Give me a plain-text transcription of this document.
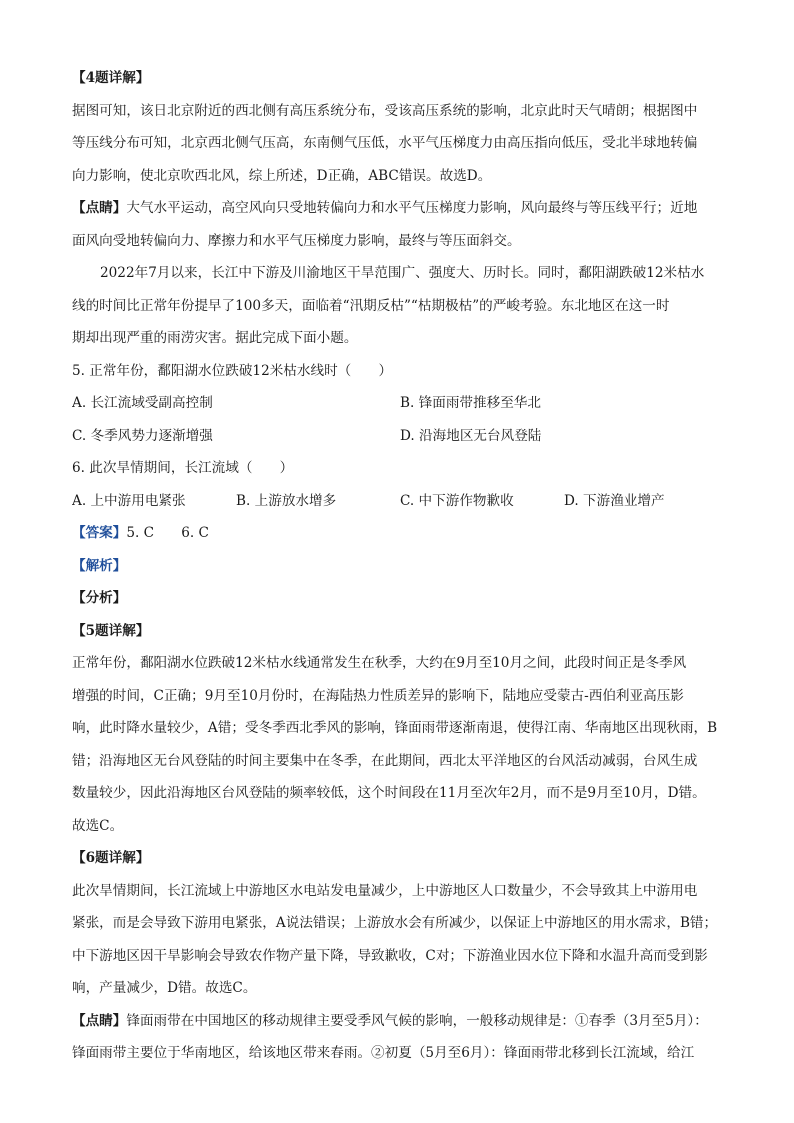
【4题详解】
据图可知，该日北京附近的西北侧有高压系统分布，受该高压系统的影响，北京此时天气晴朗；根据图中
等压线分布可知，北京西北侧气压高，东南侧气压低，水平气压梯度力由高压指向低压，受北半球地转偏
向力影响，使北京吹西北风，综上所述，D正确，ABC错误。故选D。
【点睛】大气水平运动，高空风向只受地转偏向力和水平气压梯度力影响，风向最终与等压线平行；近地
面风向受地转偏向力、摩擦力和水平气压梯度力影响，最终与等压面斜交。
2022年7月以来，长江中下游及川渝地区干旱范围广、强度大、历时长。同时，鄱阳湖跌破12米枯水
线的时间比正常年份提早了100多天，面临着“汛期反枯”“枯期极枯”的严峻考验。东北地区在这一时
期却出现严重的雨涝灾害。据此完成下面小题。
5. 正常年份，鄱阳湖水位跌破12米枯水线时（　　）
A. 长江流域受副高控制	B. 锋面雨带推移至华北
C. 冬季风势力逐渐增强	D. 沿海地区无台风登陆
6. 此次旱情期间，长江流域（　　）
A. 上中游用电紧张	B. 上游放水增多	C. 中下游作物歉收	D. 下游渔业增产
【答案】5. C　　6. C
【解析】
【分析】
【5题详解】
正常年份，鄱阳湖水位跌破12米枯水线通常发生在秋季，大约在9月至10月之间，此段时间正是冬季风
增强的时间，C正确；9月至10月份时，在海陆热力性质差异的影响下，陆地应受蒙古-西伯利亚高压影
响，此时降水量较少，A错；受冬季西北季风的影响，锋面雨带逐渐南退，使得江南、华南地区出现秋雨，B
错；沿海地区无台风登陆的时间主要集中在冬季，在此期间，西北太平洋地区的台风活动减弱，台风生成
数量较少，因此沿海地区台风登陆的频率较低，这个时间段在11月至次年2月，而不是9月至10月，D错。
故选C。
【6题详解】
此次旱情期间，长江流域上中游地区水电站发电量减少，上中游地区人口数量少，不会导致其上中游用电
紧张，而是会导致下游用电紧张，A说法错误；上游放水会有所减少，以保证上中游地区的用水需求，B错；
中下游地区因干旱影响会导致农作物产量下降，导致歉收，C对；下游渔业因水位下降和水温升高而受到影
响，产量减少，D错。故选C。
【点睛】锋面雨带在中国地区的移动规律主要受季风气候的影响，一般移动规律是：①春季（3月至5月）：
锋面雨带主要位于华南地区，给该地区带来春雨。②初夏（5月至6月）：锋面雨带北移到长江流域，给江
